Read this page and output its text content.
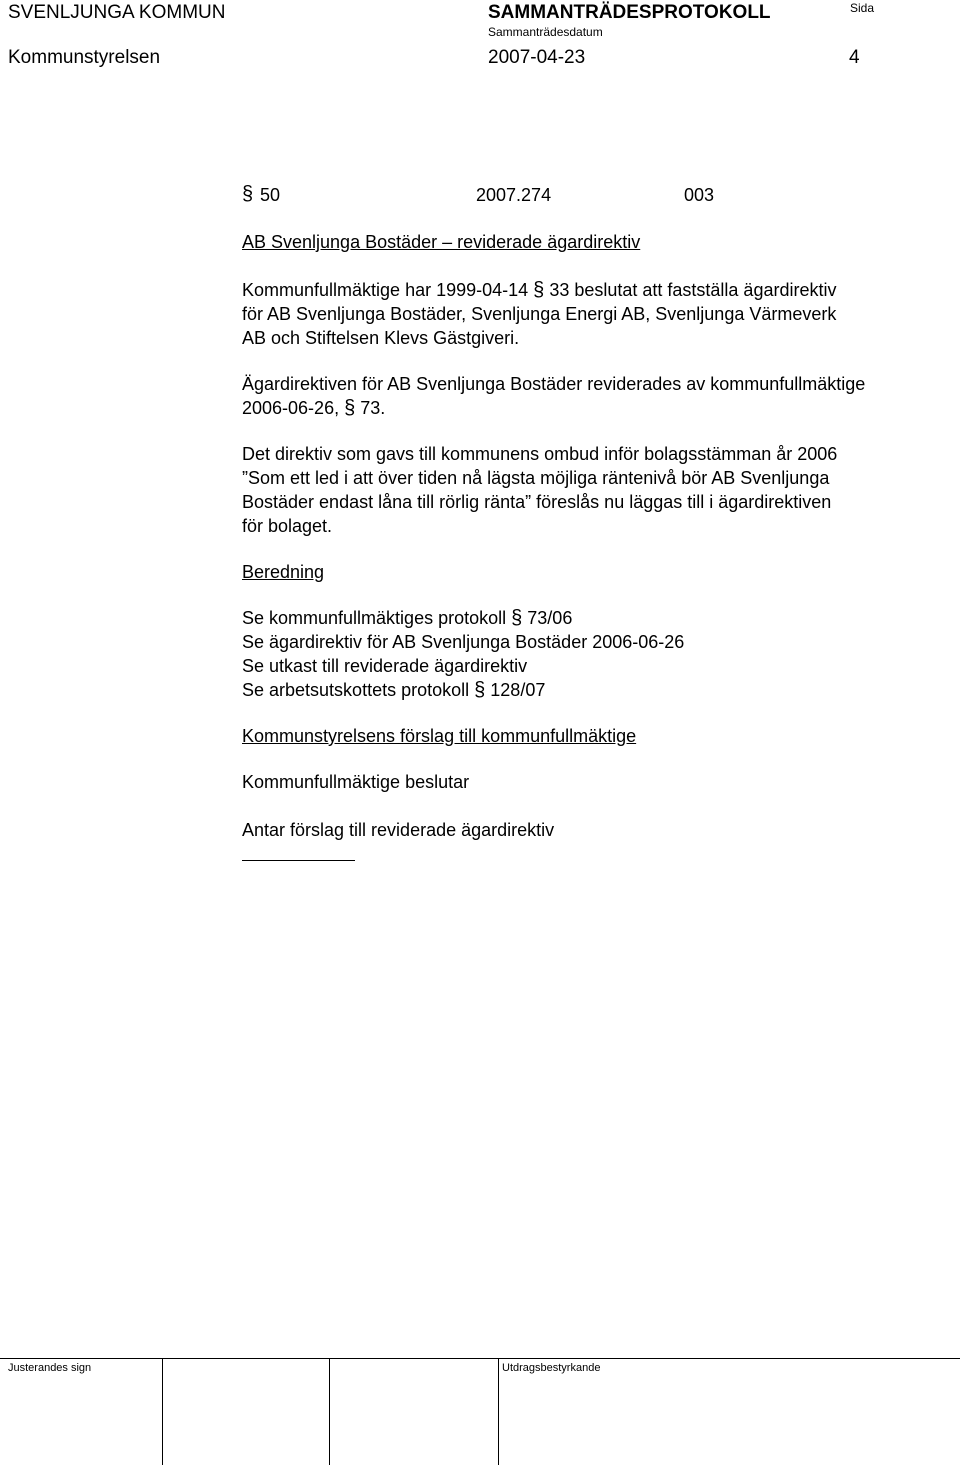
SVENLJUNGA KOMMUN	SAMMANTRÄDESPROTOKOLL
Sammanträdesdatum
Sida
Kommunstyrelsen	2007-04-23	4
§ 50	2007.274	003
AB Svenljunga Bostäder – reviderade ägardirektiv
Kommunfullmäktige har 1999-04-14 § 33 beslutat att fastställa ägardirektiv
för AB Svenljunga Bostäder, Svenljunga Energi AB, Svenljunga Värmeverk
AB och Stiftelsen Klevs Gästgiveri.
Ägardirektiven för AB Svenljunga Bostäder reviderades av kommunfullmäktige
2006-06-26, § 73.
Det direktiv som gavs till kommunens ombud inför bolagsstämman år 2006
”Som ett led i att över tiden nå lägsta möjliga räntenivå bör AB Svenljunga
Bostäder endast låna till rörlig ränta” föreslås nu läggas till i ägardirektiven
för bolaget.
Beredning
Se kommunfullmäktiges protokoll § 73/06
Se ägardirektiv för AB Svenljunga Bostäder 2006-06-26
Se utkast till reviderade ägardirektiv
Se arbetsutskottets protokoll § 128/07
Kommunstyrelsens förslag till kommunfullmäktige
Kommunfullmäktige beslutar
Antar förslag till reviderade ägardirektiv
Justerandes sign	Utdragsbestyrkande
